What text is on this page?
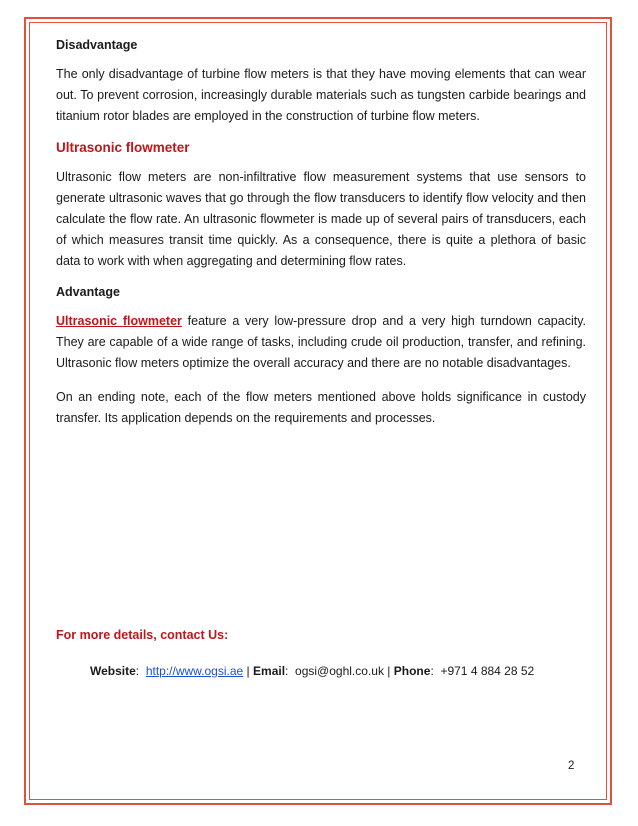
Disadvantage

The only disadvantage of turbine flow meters is that they have moving elements that can wear out. To prevent corrosion, increasingly durable materials such as tungsten carbide bearings and titanium rotor blades are employed in the construction of turbine flow meters.

Ultrasonic flowmeter

Ultrasonic flow meters are non-infiltrative flow measurement systems that use sensors to generate ultrasonic waves that go through the flow transducers to identify flow velocity and then calculate the flow rate. An ultrasonic flowmeter is made up of several pairs of transducers, each of which measures transit time quickly. As a consequence, there is quite a plethora of basic data to work with when aggregating and determining flow rates.

Advantage

Ultrasonic flowmeter feature a very low-pressure drop and a very high turndown capacity. They are capable of a wide range of tasks, including crude oil production, transfer, and refining. Ultrasonic flow meters optimize the overall accuracy and there are no notable disadvantages.

On an ending note, each of the flow meters mentioned above holds significance in custody transfer. Its application depends on the requirements and processes.

For more details, contact Us:
Website:  http://www.ogsi.ae | Email:  ogsi@oghl.co.uk | Phone:  +971 4 884 28 52
2
